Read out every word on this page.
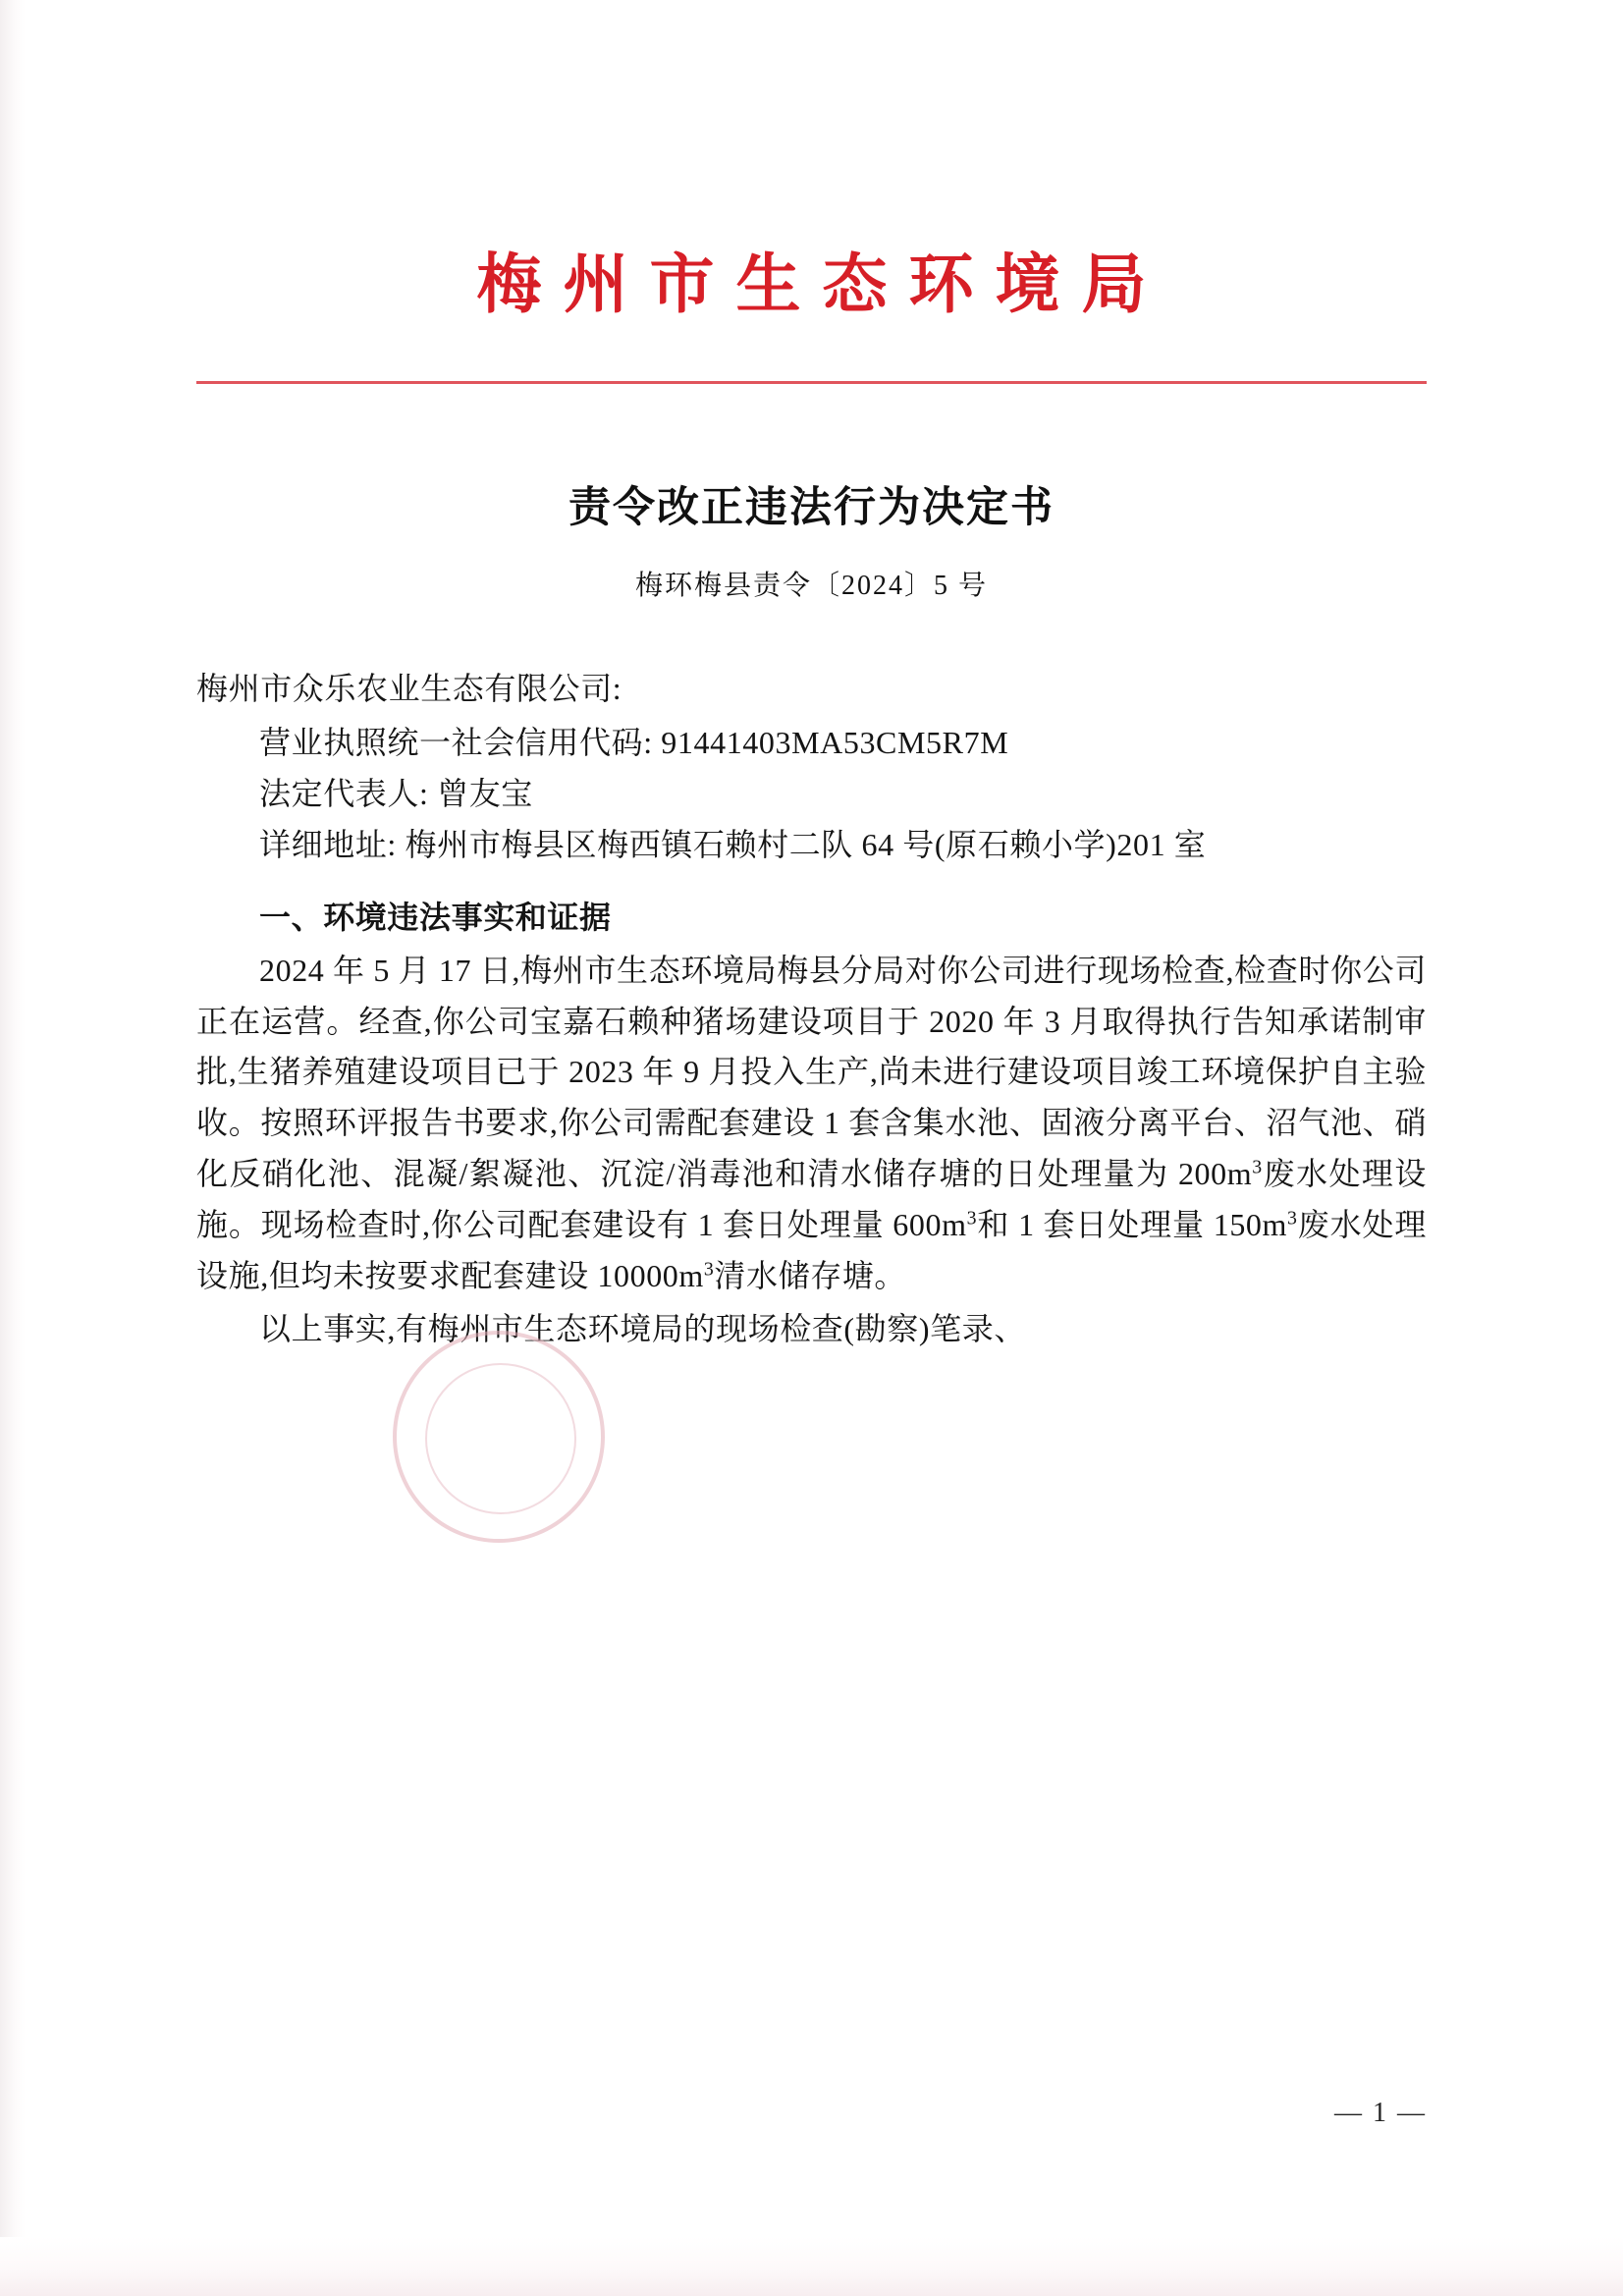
梅州市生态环境局
责令改正违法行为决定书
梅环梅县责令〔2024〕5 号

梅州市众乐农业生态有限公司:

营业执照统一社会信用代码: 91441403MA53CM5R7M

法定代表人: 曾友宝

详细地址: 梅州市梅县区梅西镇石赖村二队 64 号(原石赖小学)201 室

一、环境违法事实和证据

2024 年 5 月 17 日,梅州市生态环境局梅县分局对你公司进行现场检查,检查时你公司正在运营。经查,你公司宝嘉石赖种猪场建设项目于 2020 年 3 月取得执行告知承诺制审批,生猪养殖建设项目已于 2023 年 9 月投入生产,尚未进行建设项目竣工环境保护自主验收。按照环评报告书要求,你公司需配套建设 1 套含集水池、固液分离平台、沼气池、硝化反硝化池、混凝/絮凝池、沉淀/消毒池和清水储存塘的日处理量为 $200m^3$废水处理设施。现场检查时,你公司配套建设有 1 套日处理量 $600m^3$和 1 套日处理量 $150m^3$废水处理设施,但均未按要求配套建设 $10000m^3$清水储存塘。

以上事实,有梅州市生态环境局的现场检查(勘察)笔录、

— 1 —
